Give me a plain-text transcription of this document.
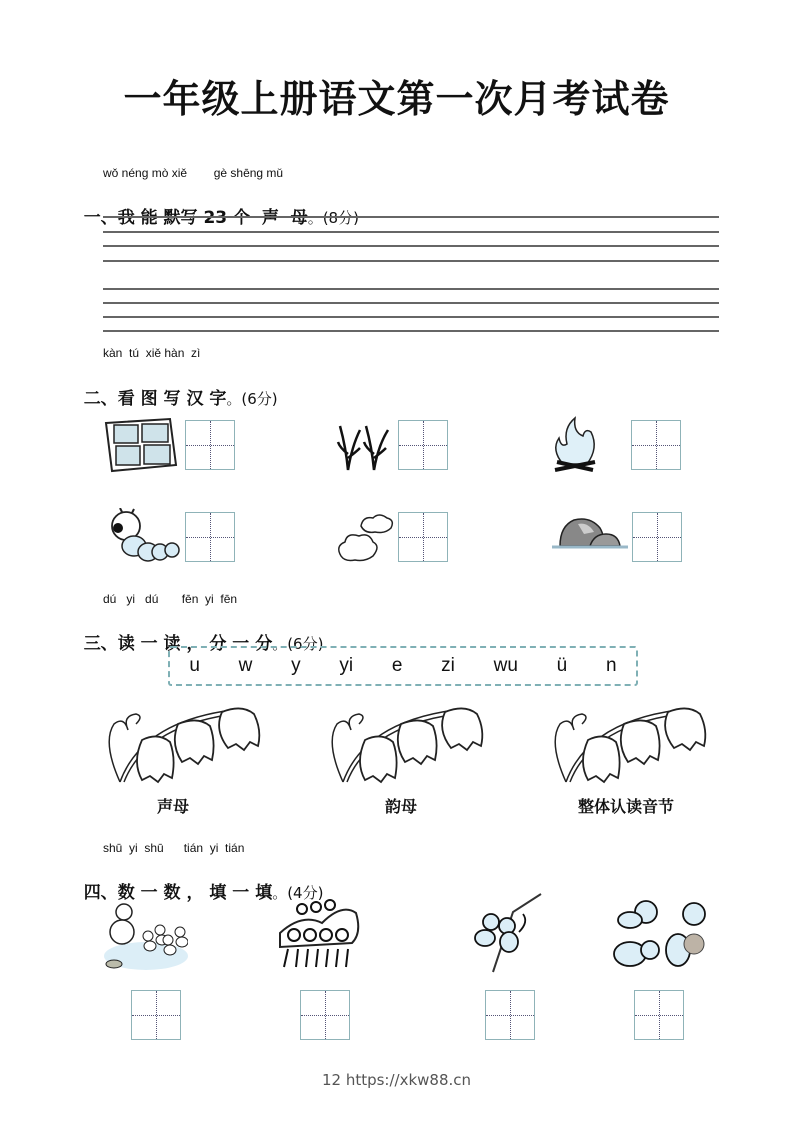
一年级上册语文第一次月考试卷
wǒ néng mò xiě        gè shēng mǔ

一、我 能 默写 23 个  声  母。(8分)

kàn  tú  xiě hàn  zì

二、看 图 写 汉 字。(6分)

dú   yi   dú       fēn  yi  fēn

三、读 一 读 ， 分 一 分。(6分)

u w y yi e zi wu ü n
声母	韵母	整体认读音节
shū  yi  shū      tián  yi  tián

四、数 一 数 ， 填 一 填。(4分)

12 https://xkw88.cn
